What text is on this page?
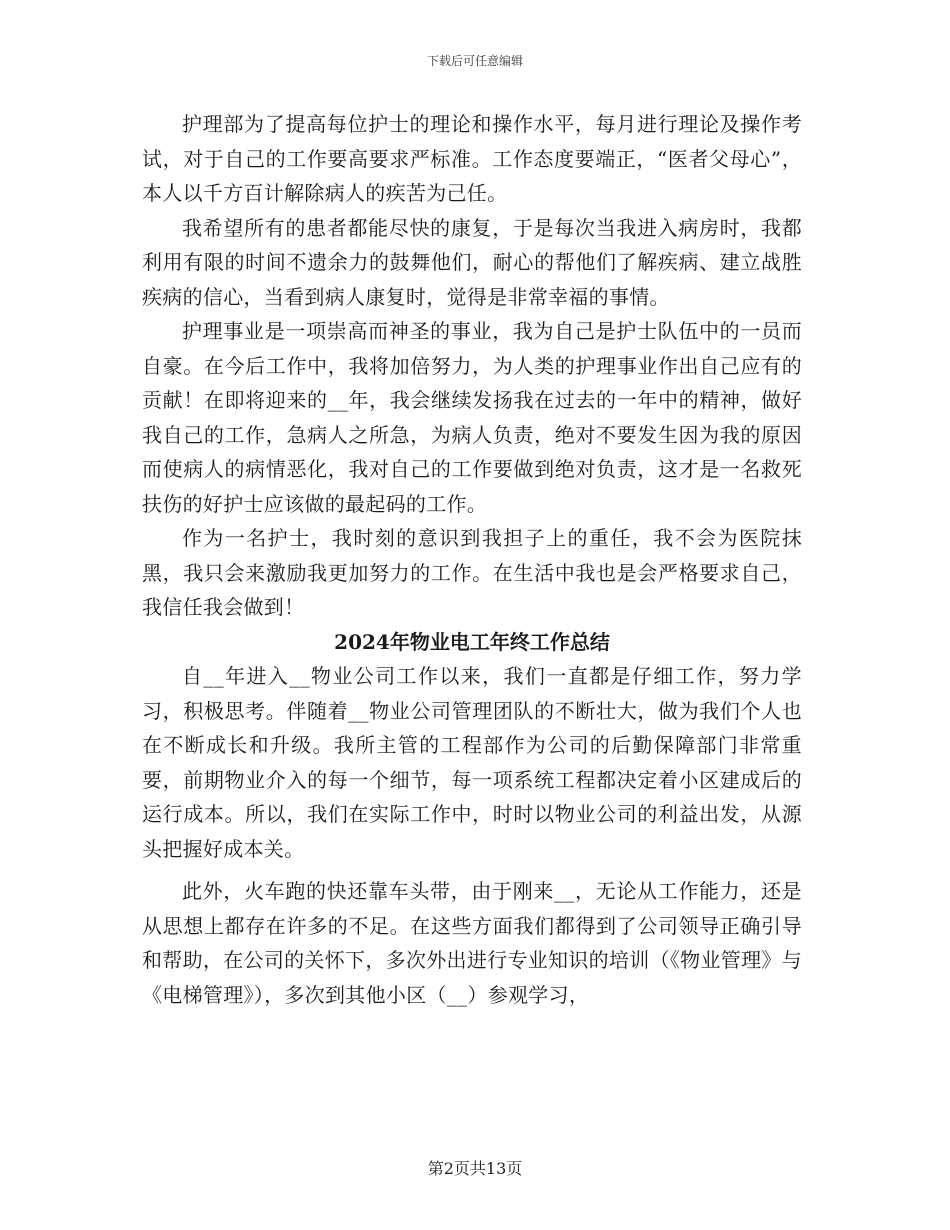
下载后可任意编辑

护理部为了提高每位护士的理论和操作水平，每月进行理论及操作考试，对于自己的工作要高要求严标准。工作态度要端正，“医者父母心”，本人以千方百计解除病人的疾苦为己任。

我希望所有的患者都能尽快的康复，于是每次当我进入病房时，我都利用有限的时间不遗余力的鼓舞他们，耐心的帮他们了解疾病、建立战胜疾病的信心，当看到病人康复时，觉得是非常幸福的事情。

护理事业是一项崇高而神圣的事业，我为自己是护士队伍中的一员而自豪。在今后工作中，我将加倍努力，为人类的护理事业作出自己应有的贡献！在即将迎来的__年，我会继续发扬我在过去的一年中的精神，做好我自己的工作，急病人之所急，为病人负责，绝对不要发生因为我的原因而使病人的病情恶化，我对自己的工作要做到绝对负责，这才是一名救死扶伤的好护士应该做的最起码的工作。

作为一名护士，我时刻的意识到我担子上的重任，我不会为医院抹黑，我只会来激励我更加努力的工作。在生活中我也是会严格要求自己，我信任我会做到！

2024年物业电工年终工作总结

自__年进入__物业公司工作以来，我们一直都是仔细工作，努力学习，积极思考。伴随着__物业公司管理团队的不断壮大，做为我们个人也在不断成长和升级。我所主管的工程部作为公司的后勤保障部门非常重要，前期物业介入的每一个细节，每一项系统工程都决定着小区建成后的运行成本。所以，我们在实际工作中，时时以物业公司的利益出发，从源头把握好成本关。

此外，火车跑的快还靠车头带，由于刚来__，无论从工作能力，还是从思想上都存在许多的不足。在这些方面我们都得到了公司领导正确引导和帮助，在公司的关怀下，多次外出进行专业知识的培训（《物业管理》与《电梯管理》），多次到其他小区（__）参观学习，

第2页共13页
